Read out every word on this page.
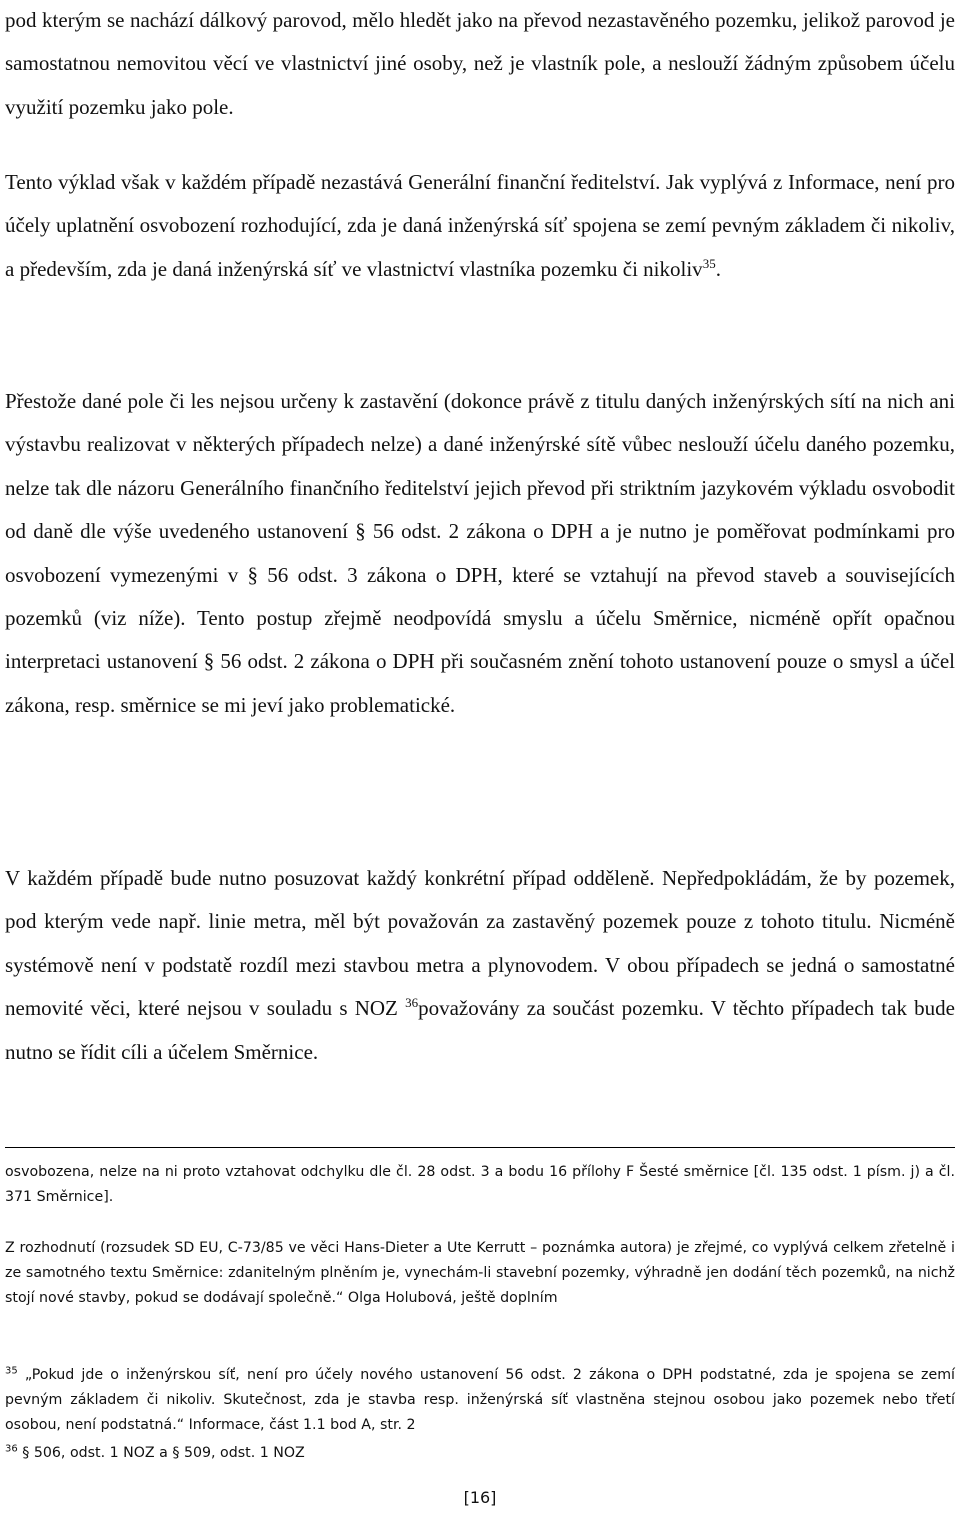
pod kterým se nachází dálkový parovod, mělo hledět jako na převod nezastavěného pozemku, jelikož parovod je samostatnou nemovitou věcí ve vlastnictví jiné osoby, než je vlastník pole, a neslouží žádným způsobem účelu využití pozemku jako pole.

Tento výklad však v každém případě nezastává Generální finanční ředitelství. Jak vyplývá z Informace, není pro účely uplatnění osvobození rozhodující, zda je daná inženýrská síť spojena se zemí pevným základem či nikoliv, a především, zda je daná inženýrská síť ve vlastnictví vlastníka pozemku či nikoliv$^{35}$.

Přestože dané pole či les nejsou určeny k zastavění (dokonce právě z titulu daných inženýrských sítí na nich ani výstavbu realizovat v některých případech nelze) a dané inženýrské sítě vůbec neslouží účelu daného pozemku, nelze tak dle názoru Generálního finančního ředitelství jejich převod při striktním jazykovém výkladu osvobodit od daně dle výše uvedeného ustanovení § 56 odst. 2 zákona o DPH a je nutno je poměřovat podmínkami pro osvobození vymezenými v § 56 odst. 3 zákona o DPH, které se vztahují na převod staveb a souvisejících pozemků (viz níže). Tento postup zřejmě neodpovídá smyslu a účelu Směrnice, nicméně opřít opačnou interpretaci ustanovení § 56 odst. 2 zákona o DPH při současném znění tohoto ustanovení pouze o smysl a účel zákona, resp. směrnice se mi jeví jako problematické.

V každém případě bude nutno posuzovat každý konkrétní případ odděleně. Nepředpokládám, že by pozemek, pod kterým vede např. linie metra, měl být považován za zastavěný pozemek pouze z tohoto titulu. Nicméně systémově není v podstatě rozdíl mezi stavbou metra a plynovodem. V obou případech se jedná o samostatné nemovité věci, které nejsou v souladu s NOZ $^{36}$považovány za součást pozemku. V těchto případech tak bude nutno se řídit cíli a účelem Směrnice.

osvobozena, nelze na ni proto vztahovat odchylku dle čl. 28 odst. 3 a bodu 16 přílohy F Šesté směrnice [čl. 135 odst. 1 písm. j) a čl. 371 Směrnice].

Z rozhodnutí (rozsudek SD EU, C-73/85 ve věci Hans-Dieter a Ute Kerrutt – poznámka autora) je zřejmé, co vyplývá celkem zřetelně i ze samotného textu Směrnice: zdanitelným plněním je, vynechám-li stavební pozemky, výhradně jen dodání těch pozemků, na nichž stojí nové stavby, pokud se dodávají společně.“ Olga Holubová, ještě doplním

$^{35}$ „Pokud jde o inženýrskou síť, není pro účely nového ustanovení 56 odst. 2 zákona o DPH podstatné, zda je spojena se zemí pevným základem či nikoliv. Skutečnost, zda je stavba resp. inženýrská síť vlastněna stejnou osobou jako pozemek nebo třetí osobou, není podstatná.“ Informace, část 1.1 bod A, str. 2

$^{36}$ § 506, odst. 1 NOZ a § 509, odst. 1 NOZ

[16]
